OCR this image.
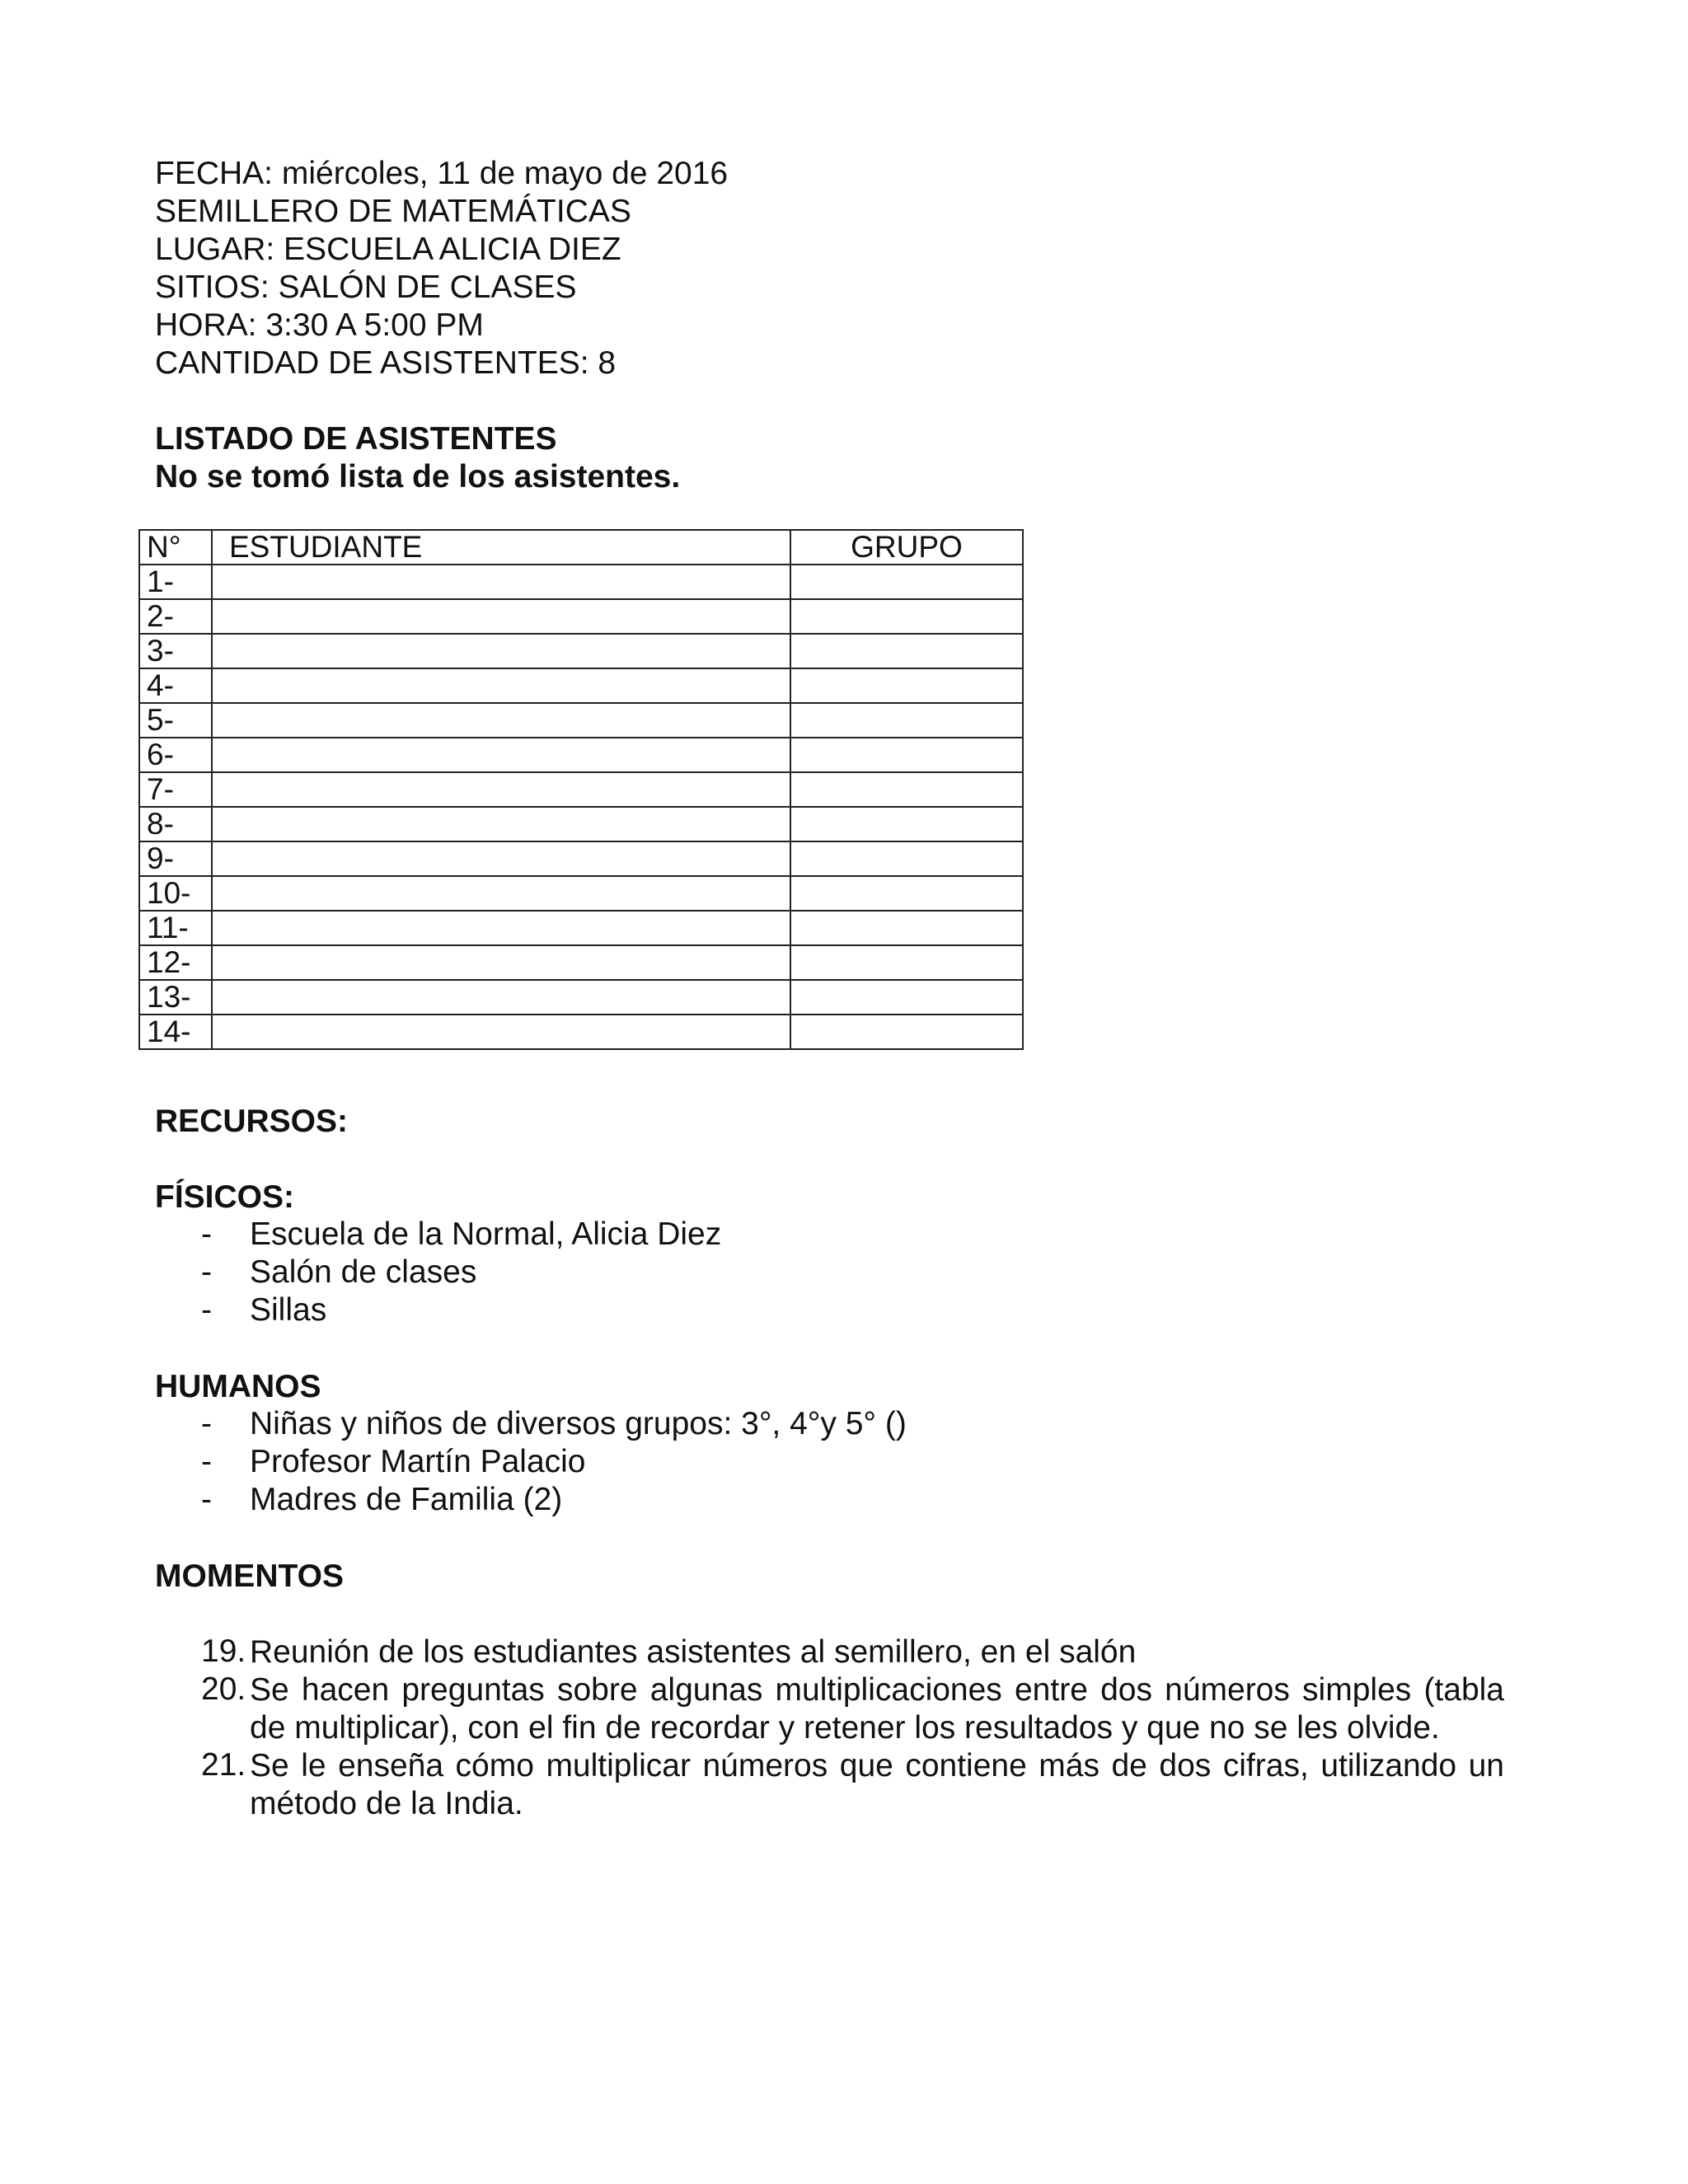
FECHA: miércoles, 11 de mayo de 2016
SEMILLERO DE MATEMÁTICAS
LUGAR: ESCUELA ALICIA DIEZ
SITIOS: SALÓN DE CLASES
HORA: 3:30 A 5:00 PM
CANTIDAD DE ASISTENTES: 8
LISTADO DE ASISTENTES
No se tomó lista de los asistentes.
N°	ESTUDIANTE	GRUPO
1-		
2-		
3-		
4-		
5-		
6-		
7-		
8-		
9-		
10-		
11-		
12-		
13-		
14-		
RECURSOS:
FÍSICOS:
- Escuela de la Normal, Alicia Diez
- Salón de clases
- Sillas
HUMANOS
- Niñas y niños de diversos grupos: 3°, 4°y 5° ()
- Profesor Martín Palacio
- Madres de Familia (2)
MOMENTOS
19. Reunión de los estudiantes asistentes al semillero, en el salón
20. Se hacen preguntas sobre algunas multiplicaciones entre dos números simples (tabla
de multiplicar), con el fin de recordar y retener los resultados y que no se les olvide.
21. Se le enseña cómo multiplicar números que contiene más de dos cifras, utilizando un
método de la India.
